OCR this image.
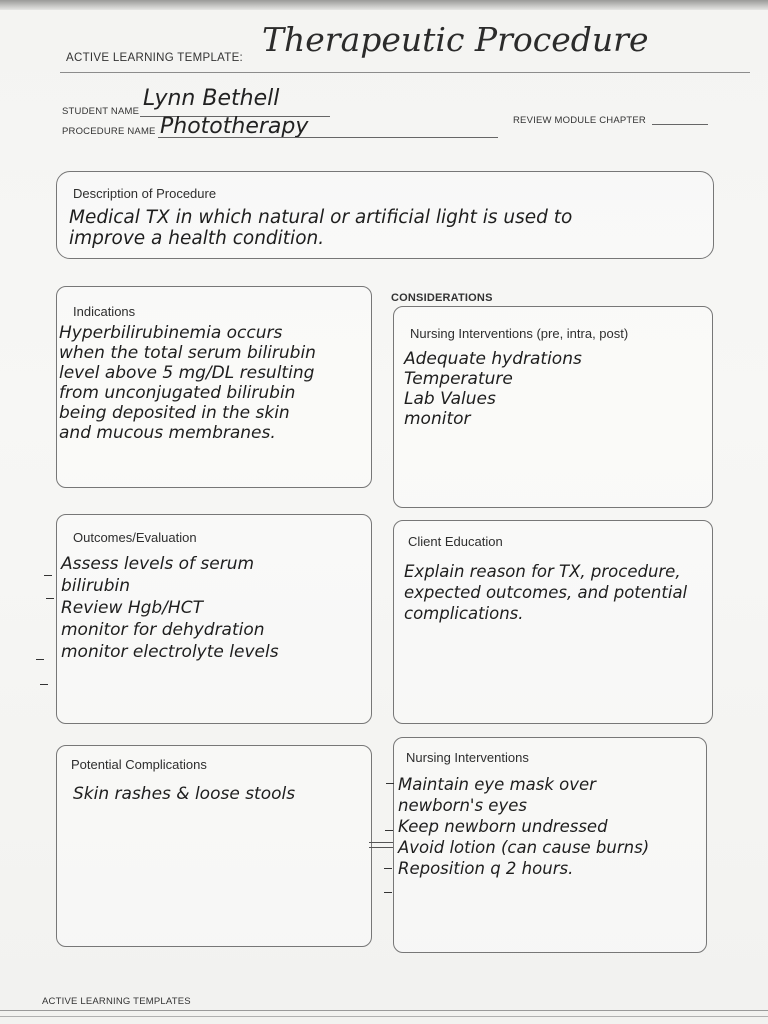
ACTIVE LEARNING TEMPLATE: Therapeutic Procedure
STUDENT NAME
Lynn Bethell
PROCEDURE NAME Phototherapy	REVIEW MODULE CHAPTER
Description of Procedure
Medical TX in which natural or artificial light is used to
improve a health condition.
CONSIDERATIONS
Indications
Hyperbilirubinemia occurs
when the total serum bilirubin
level above 5 mg/DL resulting
from unconjugated bilirubin
being deposited in the skin
and mucous membranes.
Nursing Interventions (pre, intra, post)
Adequate hydrations
Temperature
Lab Values
monitor
Outcomes/Evaluation
Assess levels of serum
bilirubin
Review Hgb/HCT
monitor for dehydration
monitor electrolyte levels
Client Education
Explain reason for TX, procedure,
expected outcomes, and potential
complications.
Potential Complications
Skin rashes & loose stools
Nursing Interventions
Maintain eye mask over
newborn's eyes
Keep newborn undressed
Avoid lotion (can cause burns)
Reposition q 2 hours.
ACTIVE LEARNING TEMPLATES
